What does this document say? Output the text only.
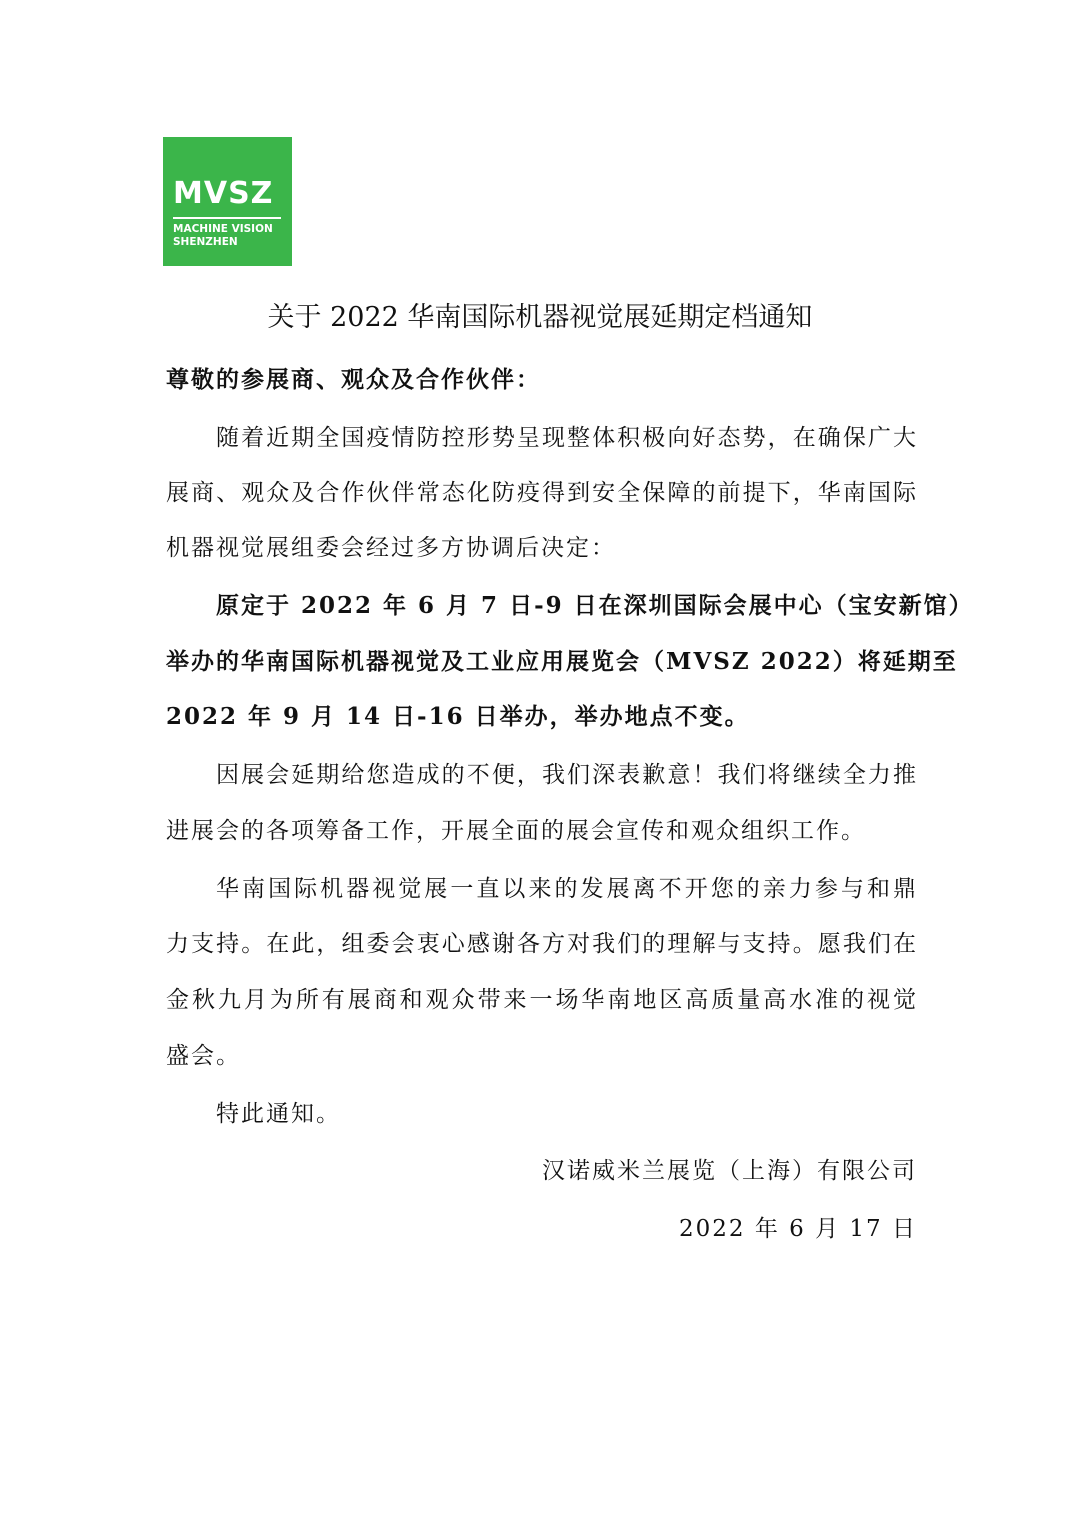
MVSZ
MACHINE VISION
SHENZHEN
关于 2022 华南国际机器视觉展延期定档通知
尊敬的参展商、观众及合作伙伴：
随着近期全国疫情防控形势呈现整体积极向好态势，在确保广大
展商、观众及合作伙伴常态化防疫得到安全保障的前提下，华南国际
机器视觉展组委会经过多方协调后决定：
原定于 2022 年 6 月 7 日-9 日在深圳国际会展中心（宝安新馆）
举办的华南国际机器视觉及工业应用展览会（MVSZ 2022）将延期至
2022 年 9 月 14 日-16 日举办，举办地点不变。
因展会延期给您造成的不便，我们深表歉意！我们将继续全力推
进展会的各项筹备工作，开展全面的展会宣传和观众组织工作。
华南国际机器视觉展一直以来的发展离不开您的亲力参与和鼎
力支持。在此，组委会衷心感谢各方对我们的理解与支持。愿我们在
金秋九月为所有展商和观众带来一场华南地区高质量高水准的视觉
盛会。
特此通知。
汉诺威米兰展览（上海）有限公司
2022 年 6 月 17 日
